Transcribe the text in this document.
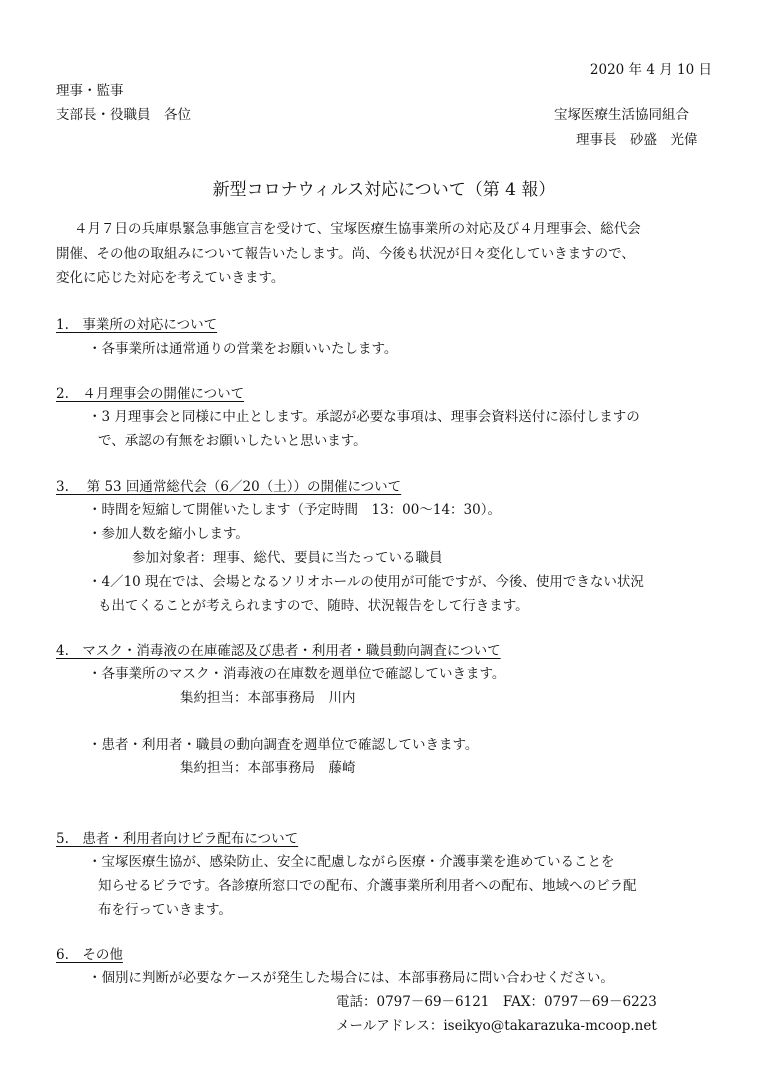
2020 年 4 月 10 日
理事・監事
支部長・役職員　各位	宝塚医療生活協同組合
理事長　砂盛　光偉
新型コロナウィルス対応について（第 4 報）
４月７日の兵庫県緊急事態宣言を受けて、宝塚医療生協事業所の対応及び４月理事会、総代会
開催、その他の取組みについて報告いたします。尚、今後も状況が日々変化していきますので、
変化に応じた対応を考えていきます。
1.　事業所の対応について
・各事業所は通常通りの営業をお願いいたします。
2.　４月理事会の開催について
・3 月理事会と同様に中止とします。承認が必要な事項は、理事会資料送付に添付しますの
で、承認の有無をお願いしたいと思います。
3.　 第 53 回通常総代会（6／20（土））の開催について
・時間を短縮して開催いたします（予定時間　13：00～14：30）。
・参加人数を縮小します。
参加対象者：理事、総代、要員に当たっている職員
・4／10 現在では、会場となるソリオホールの使用が可能ですが、今後、使用できない状況
も出てくることが考えられますので、随時、状況報告をして行きます。
4.　マスク・消毒液の在庫確認及び患者・利用者・職員動向調査について
・各事業所のマスク・消毒液の在庫数を週単位で確認していきます。
集約担当：本部事務局　川内
・患者・利用者・職員の動向調査を週単位で確認していきます。
集約担当：本部事務局　藤崎
5.　患者・利用者向けビラ配布について
・宝塚医療生協が、感染防止、安全に配慮しながら医療・介護事業を進めていることを
知らせるビラです。各診療所窓口での配布、介護事業所利用者への配布、地域へのビラ配
布を行っていきます。
6.　その他
・個別に判断が必要なケースが発生した場合には、本部事務局に問い合わせください。
電話：0797－69－6121　FAX：0797－69－6223
メールアドレス：iseikyo@takarazuka-mcoop.net
